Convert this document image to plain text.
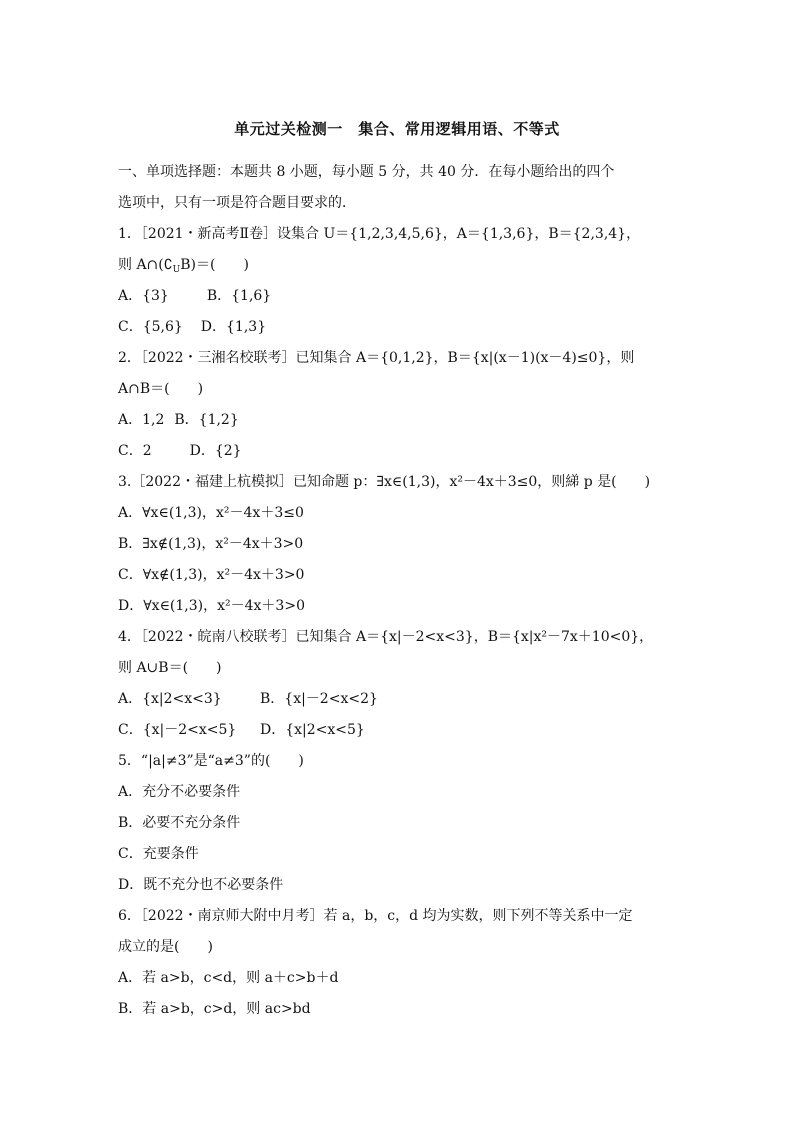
单元过关检测一　集合、常用逻辑用语、不等式
一、单项选择题：本题共 8 小题，每小题 5 分，共 40 分．在每小题给出的四个
选项中，只有一项是符合题目要求的．
1．［2021・新高考Ⅱ卷］设集合 U＝{1,2,3,4,5,6}，A＝{1,3,6}，B＝{2,3,4}，
则 $A\cap(∁_UB)=$(　　)
A．{3}	B．{1,6}
C．{5,6} D．{1,3}
2．［2022・三湘名校联考］已知集合 A＝{0,1,2}，B＝{x|(x－1)(x－4)≤0}，则
A∩B＝(　　)
A．1,2 B．{1,2}
C．2	D．{2}
3.［2022・福建上杭模拟］已知命题 p：∃x∈(1,3)，x²－4x＋3≤0，则綈 p 是(　　)
A．∀x∈(1,3)，x²－4x＋3≤0
B．∃x∉(1,3)，x²－4x＋3>0
C．∀x∉(1,3)，x²－4x＋3>0
D．∀x∈(1,3)，x²－4x＋3>0
4．［2022・皖南八校联考］已知集合 A＝{x|－2<x<3}，B＝{x|x²－7x＋10<0}，
则 A∪B＝(　　)
A．{x|2<x<3}	B．{x|－2<x<2}
C．{x|－2<x<5} D．{x|2<x<5}
5．“|a|≠3”是“a≠3”的(　　)
A．充分不必要条件
B．必要不充分条件
C．充要条件
D．既不充分也不必要条件
6．［2022・南京师大附中月考］若 a，b，c，d 均为实数，则下列不等关系中一定
成立的是(　　)
A．若 a>b，c<d，则 a＋c>b＋d
B．若 a>b，c>d，则 ac>bd
